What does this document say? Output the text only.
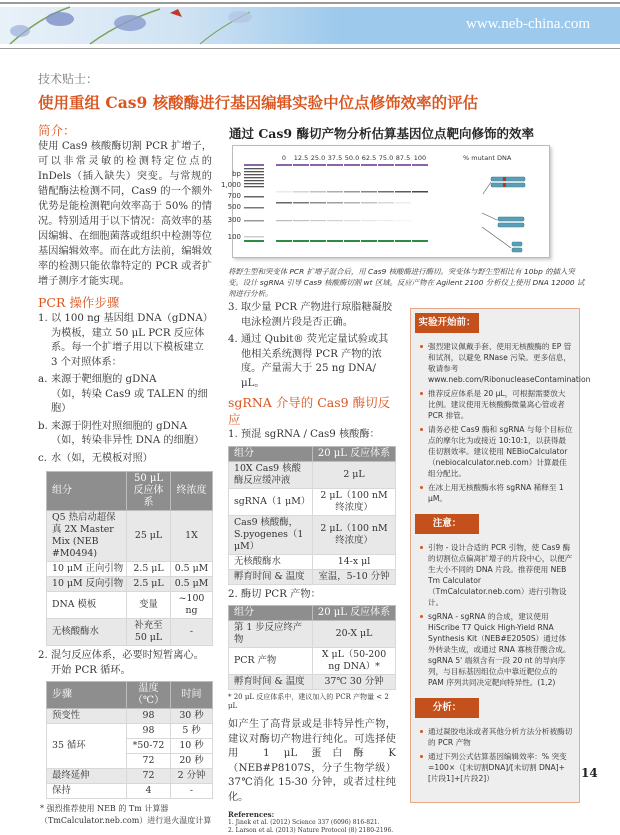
www.neb-china.com
技术贴士：
使用重组 Cas9 核酸酶进行基因编辑实验中位点修饰效率的评估
通过 Cas9 酶切产物分析估算基因位点靶向修饰的效率
0 12.5 25.0 37.5 50.0 62.5 75.0 87.5 100	% mutant DNA
bp
1,000
700
500
300
100
将野生型和突变体 PCR 扩增子混合后，用 Cas9 核酸酶进行酶切。突变体与野生型相比有 10bp 的插入突变。设计 sgRNA 引导 Cas9 核酸酶切割 wt 区域。反应产物在 Agilent 2100 分析仪上使用 DNA 12000 试剂进行分析。
简介：
使用 Cas9 核酸酶切割 PCR 扩增子，可以非常灵敏的检测特定位点的 InDels（插入缺失）突变。与常规的错配酶法检测不同，Cas9 的一个额外优势是能检测靶向效率高于 50% 的情况。特别适用于以下情况：高效率的基因编辑、在细胞菌落或组织中检测等位基因编辑效率。而在此方法前，编辑效率的检测只能依靠特定的 PCR 或者扩增子测序才能实现。
PCR 操作步骤
1. 以 100 ng 基因组 DNA（gDNA）为模板，建立 50 μL PCR 反应体系。每一个扩增子用以下模板建立 3 个对照体系：
a. 来源于靶细胞的 gDNA
（如，转染 Cas9 或 TALEN 的细胞）
b. 来源于阴性对照细胞的 gDNA
（如，转染非异性 DNA 的细胞）
c. 水（如，无模板对照）
组分	50 μL 反应体系	终浓度
Q5 热启动超保真 2X Master Mix (NEB #M0494)	25 μL	1X
10 μM 正向引物	2.5 μL	0.5 μM
10 μM 反向引物	2.5 μL	0.5 μM
DNA 模板	变量	~100 ng
无核酸酶水	补充至 50 μL	-
2. 混匀反应体系，必要时短暂离心。开始 PCR 循环。
步骤	温度（℃）	时间
预变性	98	30 秒
35 循环	98	5 秒
	*50-72	10 秒
	72	20 秒
最终延伸	72	2 分钟
保持	4	-
* 强烈推荐使用 NEB 的 Tm 计算器
（TmCalculator.neb.com）进行退火温度计算
3. 取少量 PCR 产物进行琼脂糖凝胶电泳检测片段是否正确。
4. 通过 Qubit® 荧光定量试验或其他相关系统测得 PCR 产物的浓度。产量需大于 25 ng DNA/ μL。
sgRNA 介导的 Cas9 酶切反应
1. 预混 sgRNA / Cas9 核酸酶：
组分	20 μL 反应体系
10X Cas9 核酸酶反应缓冲液	2 μL
sgRNA（1 μM）	2 μL（100 nM 终浓度）
Cas9 核酸酶，S.pyogenes（1 μM）	2 μL（100 nM 终浓度）
无核酸酶水	14-x μl
孵育时间 & 温度	室温，5-10 分钟
2. 酶切 PCR 产物：
组分	20 μL 反应体系
第 1 步反应终产物	20-X μL
PCR 产物	X μL（50-200 ng DNA）*
孵育时间 & 温度	37℃ 30 分钟
* 20 μL 反应体系中，建议加入的 PCR 产物量 < 2 μL
如产生了高背景或是非特异性产物，建议对酶切产物进行纯化。可选择使用 1 μL 蛋白酶 K（NEB#P8107S，分子生物学级）37℃消化 15-30 分钟，或者过柱纯化。
References:
1. Jinek et al. (2012) Science 337 (6096) 816-821.
2. Larson et al. (2013) Nature Protocol (8) 2180-2196.
实验开始前：
强烈建议佩戴手套、使用无核酸酶的 EP 管和试剂，以避免 RNase 污染。更多信息，敬请参考 www.neb.com/RibonucleaseContamination
推荐反应体系是 20 μL，可根据需要放大比例。建议使用无核酸酶微量离心管或者 PCR 排管。
请务必使 Cas9 酶和 sgRNA 与每个目标位点的摩尔比为或接近 10:10:1，以获得最佳切割效率。建议使用 NEBioCalculator（nebiocalculator.neb.com）计算最佳组分配比。
在冰上用无核酸酶水将 sgRNA 稀释至 1 μM。
注意：
引物 - 设计合适的 PCR 引物，使 Cas9 酶的切割位点偏离扩增子的片段中心，以便产生大小不同的 DNA 片段。推荐使用 NEB Tm Calculator（TmCalculator.neb.com）进行引物设计。
sgRNA - sgRNA 的合成，建议使用 HiScribe T7 Quick High-Yield RNA Synthesis Kit（NEB#E2050S）通过体外转录生成，或通过 RNA 寡核苷酸合成。sgRNA 5' 端须含有一段 20 nt 的导向序列，与目标基因组位点中靠近靶位点的 PAM 序列共同决定靶向特异性。(1,2)
分析：
通过凝胶电泳或者其他分析方法分析被酶切的 PCR 产物
通过下列公式估算基因编辑效率：% 突变 =100×（[未切割DNA]/[未切割 DNA]+[片段1]+[片段2]）	14
